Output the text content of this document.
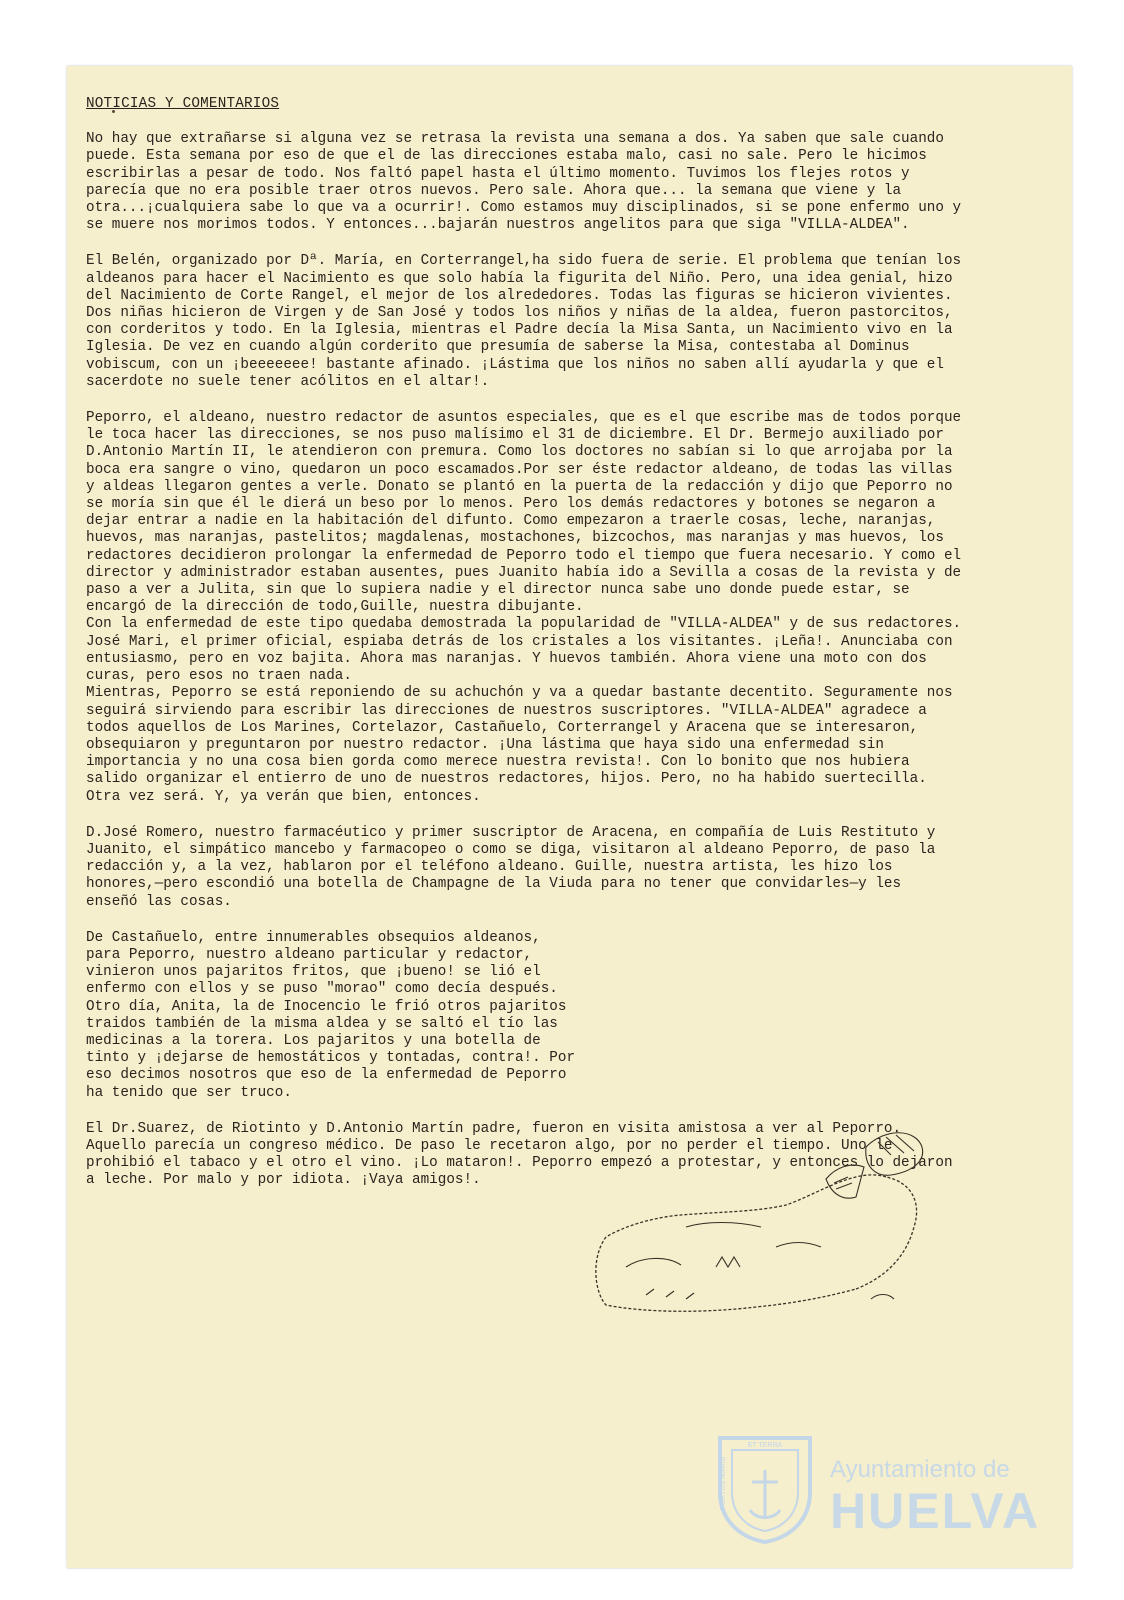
NOTICIAS Y COMENTARIOS

No hay que extrañarse si alguna vez se retrasa la revista una semana a dos. Ya saben que sale cuando puede. Esta semana por eso de que el de las direcciones estaba malo, casi no sale. Pero le hicimos escribirlas a pesar de todo. Nos faltó papel hasta el último momento. Tuvimos los flejes rotos y parecía que no era posible traer otros nuevos. Pero sale. Ahora que... la semana que viene y la otra...¡cualquiera sabe lo que va a ocurrir!. Como estamos muy disciplinados, si se pone enfermo uno y se muere nos morimos todos. Y entonces...bajarán nuestros angelitos para que siga "VILLA-ALDEA".

El Belén, organizado por Dª. María, en Corterrangel,ha sido fuera de serie. El problema que tenían los aldeanos para hacer el Nacimiento es que solo había la figurita del Niño. Pero, una idea genial, hizo del Nacimiento de Corte Rangel, el mejor de los alrededores. Todas las figuras se hicieron vivientes. Dos niñas hicieron de Virgen y de San José y todos los niños y niñas de la aldea, fueron pastorcitos, con corderitos y todo. En la Iglesia, mientras el Padre decía la Misa Santa, un Nacimiento vivo en la Iglesia. De vez en cuando algún corderito que presumía de saberse la Misa, contestaba al Dominus vobiscum, con un ¡beeeeeee! bastante afinado. ¡Lástima que los niños no saben allí ayudarla y que el sacerdote no suele tener acólitos en el altar!.

Peporro, el aldeano, nuestro redactor de asuntos especiales, que es el que escribe mas de todos porque le toca hacer las direcciones, se nos puso malísimo el 31 de diciembre. El Dr. Bermejo auxiliado por D.Antonio Martín II, le atendieron con premura. Como los doctores no sabían si lo que arrojaba por la boca era sangre o vino, quedaron un poco escamados.Por ser éste redactor aldeano, de todas las villas y aldeas llegaron gentes a verle. Donato se plantó en la puerta de la redacción y dijo que Peporro no se moría sin que él le dierá un beso por lo menos. Pero los demás redactores y botones se negaron a dejar entrar a nadie en la habitación del difunto. Como empezaron a traerle cosas, leche, naranjas, huevos, mas naranjas, pastelitos; magdalenas, mostachones, bizcochos, mas naranjas y mas huevos, los redactores decidieron prolongar la enfermedad de Peporro todo el tiempo que fuera necesario. Y como el director y administrador estaban ausentes, pues Juanito había ido a Sevilla a cosas de la revista y de paso a ver a Julita, sin que lo supiera nadie y el director nunca sabe uno donde puede estar, se encargó de la dirección de todo,Guille, nuestra dibujante.
Con la enfermedad de este tipo quedaba demostrada la popularidad de "VILLA-ALDEA" y de sus redactores. José Mari, el primer oficial, espiaba detrás de los cristales a los visitantes. ¡Leña!. Anunciaba con entusiasmo, pero en voz bajita. Ahora mas naranjas. Y huevos también. Ahora viene una moto con dos curas, pero esos no traen nada.
Mientras, Peporro se está reponiendo de su achuchón y va a quedar bastante decentito. Seguramente nos seguirá sirviendo para escribir las direcciones de nuestros suscriptores. "VILLA-ALDEA" agradece a todos aquellos de Los Marines, Cortelazor, Castañuelo, Corterrangel y Aracena que se interesaron, obsequiaron y preguntaron por nuestro redactor. ¡Una lástima que haya sido una enfermedad sin importancia y no una cosa bien gorda como merece nuestra revista!. Con lo bonito que nos hubiera salido organizar el entierro de uno de nuestros redactores, hijos. Pero, no ha habido suertecilla. Otra vez será. Y, ya verán que bien, entonces.

D.José Romero, nuestro farmacéutico y primer suscriptor de Aracena, en compañía de Luis Restituto y Juanito, el simpático mancebo y farmacopeo o como se diga, visitaron al aldeano Peporro, de paso la redacción y, a la vez, hablaron por el teléfono aldeano. Guille, nuestra artista, les hizo los honores,—pero escondió una botella de Champagne de la Viuda para no tener que convidarles—y les enseñó las cosas.

De Castañuelo, entre innumerables obsequios aldeanos, para Peporro, nuestro aldeano particular y redactor, vinieron unos pajaritos fritos, que ¡bueno! se lió el enfermo con ellos y se puso "morao" como decía después. Otro día, Anita, la de Inocencio le frió otros pajaritos traidos también de la misma aldea y se saltó el tío las medicinas a la torera. Los pajaritos y una botella de tinto y ¡dejarse de hemostáticos y tontadas, contra!. Por eso decimos nosotros que eso de la enfermedad de Peporro ha tenido que ser truco.

El Dr.Suarez, de Riotinto y D.Antonio Martín padre, fueron en visita amistosa a ver al Peporro. Aquello parecía un congreso médico. De paso le recetaron algo, por no perder el tiempo. Uno le prohibió el tabaco y el otro el vino. ¡Lo mataron!. Peporro empezó a protestar, y entonces lo dejaron a leche. Por malo y por idiota. ¡Vaya amigos!.

ET TERRA
PORTUS MARIS	Ayuntamiento de
HUELVA
